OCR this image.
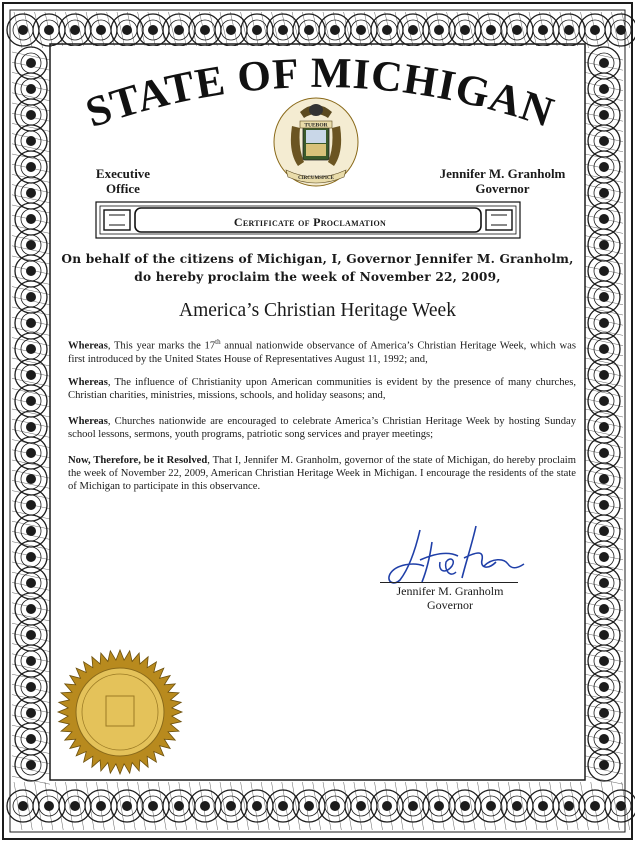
STATE OF MICHIGAN
TUEBOR
CIRCUMSPICE
Executive
Office
Jennifer M. Granholm
Governor
Certificate of Proclamation
On behalf of the citizens of Michigan, I, Governor Jennifer M. Granholm,
do hereby proclaim the week of November 22, 2009,
America’s Christian Heritage Week
Whereas, This year marks the 17th annual nationwide observance of America’s Christian Heritage Week, which was first introduced by the United States House of Representatives August 11, 1992; and,
Whereas, The influence of Christianity upon American communities is evident by the presence of many churches, Christian charities, ministries, missions, schools, and holiday seasons; and,
Whereas, Churches nationwide are encouraged to celebrate America’s Christian Heritage Week by hosting Sunday school lessons, sermons, youth programs, patriotic song services and prayer meetings;
Now, Therefore, be it Resolved, That I, Jennifer M. Granholm, governor of the state of Michigan, do hereby proclaim the week of November 22, 2009, American Christian Heritage Week in Michigan. I encourage the residents of the state of Michigan to participate in this observance.
Jennifer M. Granholm
Governor
